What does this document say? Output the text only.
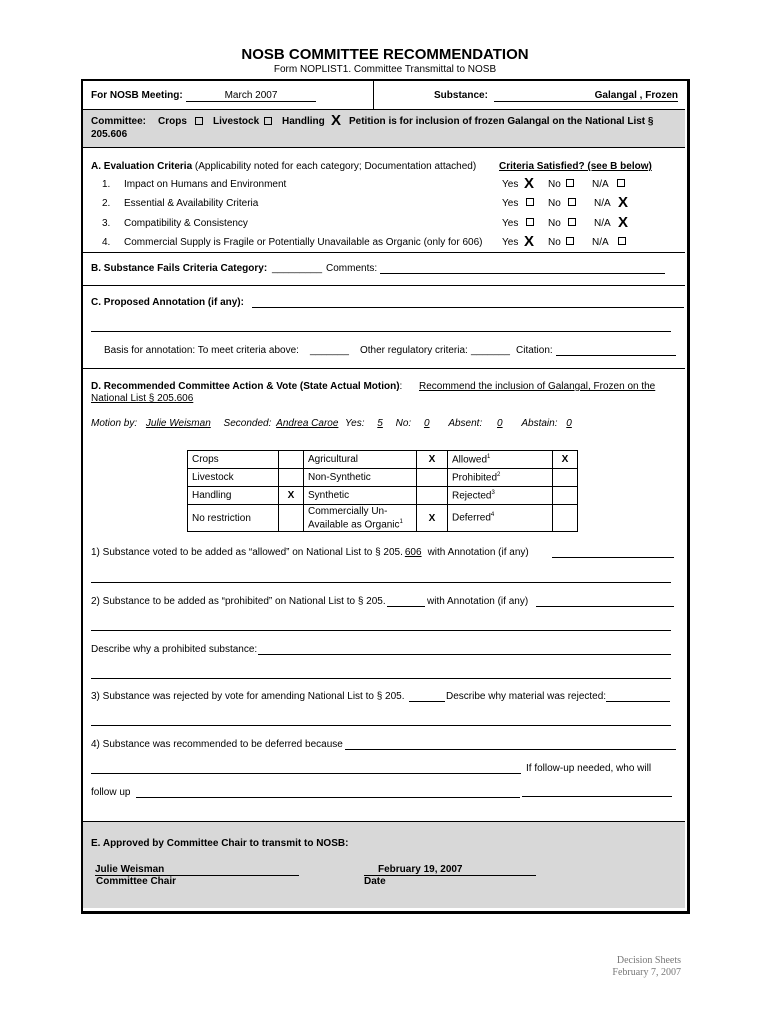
NOSB COMMITTEE RECOMMENDATION
Form NOPLIST1. Committee Transmittal to NOSB
For NOSB Meeting:	March 2007	Substance:	Galangal , Frozen
Committee: Crops	Livestock Handling X Petition is for inclusion of frozen Galangal on the National List §
205.606
A. Evaluation Criteria (Applicability noted for each category; Documentation attached) Criteria Satisfied? (see B below)
1. Impact on Humans and Environment	Yes X No	N/A
2. Essential & Availability Criteria	Yes	No	N/A X
3. Compatibility & Consistency	Yes	No	N/A X
4. Commercial Supply is Fragile or Potentially Unavailable as Organic (only for 606) Yes X No	N/A
B. Substance Fails Criteria Category: _________ Comments:
C. Proposed Annotation (if any):
Basis for annotation: To meet criteria above: _______ Other regulatory criteria: _______ Citation:
D. Recommended Committee Action & Vote (State Actual Motion):      Recommend the inclusion of Galangal, Frozen on the
National List § 205.606
Motion by: Julie Weisman Seconded: Andrea Caroe Yes: 5 No: 0 Absent: 0 Abstain: 0
Crops		Agricultural	X	Allowed$^1$	X
Livestock		Non-Synthetic		Prohibited$^2$	
Handling	X	Synthetic		Rejected$^3$	
No restriction		Commercially Un-
Available as Organic$^1$	X	Deferred$^4$	
1) Substance voted to be added as “allowed” on National List to § 205. 606 with Annotation (if any)
2) Substance to be added as “prohibited” on National List to § 205.	with Annotation (if any)
Describe why a prohibited substance:
3) Substance was rejected by vote for amending National List to § 205.	Describe why material was rejected:
4) Substance was recommended to be deferred because
If follow-up needed, who will
follow up
E. Approved by Committee Chair to transmit to NOSB:
Julie Weisman
Committee Chair
February 19, 2007
Date
Decision Sheets
February 7, 2007
